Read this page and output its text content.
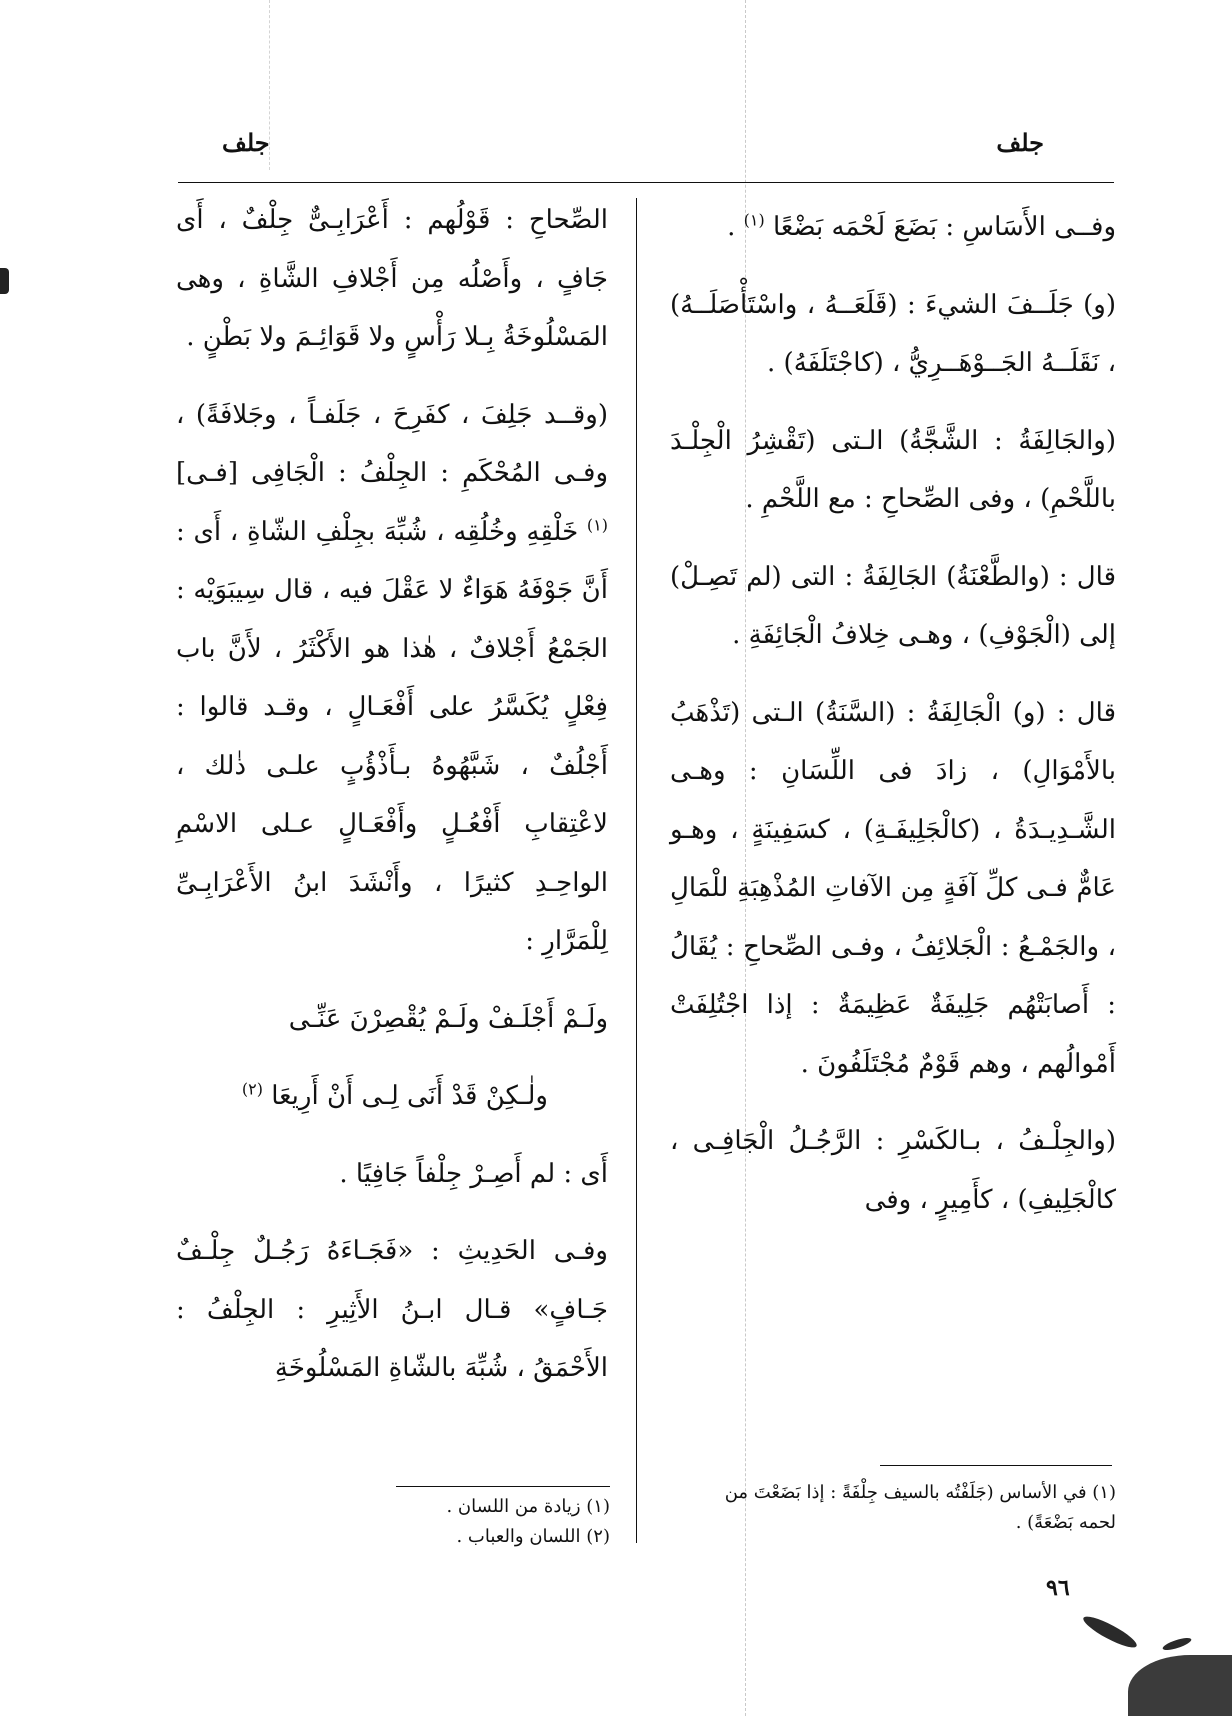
جلف
جلف

وفــى الأَسَاسِ : بَضَعَ لَحْمَه بَضْعًا $^{(١)}$ .

(و) جَلَــفَ الشيءَ : (قَلَعَــهُ ، واسْتَأْصَلَــهُ) ، نَقَلَــهُ الجَــوْهَــرِيُّ ، (كاجْتَلَفَهُ) .

(والجَالِفَةُ : الشَّجَّةُ) الـتى (تَقْشِرُ الْجِلْـدَ باللَّحْمِ) ، وفى الصِّحاحِ : مع اللَّحْمِ .

قال : (والطَّعْنَةُ) الجَالِفَةُ : التى (لم تَصِـلْ) إلى (الْجَوْفِ) ، وهـى خِلافُ الْجَائِفَةِ .

قال : (و) الْجَالِفَةُ : (السَّنَةُ) الـتى (تَذْهَبُ بالأَمْوَالِ) ، زادَ فى اللِّسَانِ : وهـى الشَّـدِيـدَةُ ، (كالْجَلِيفَـةِ) ، كسَفِينَةٍ ، وهـو عَامٌّ فـى كلِّ آفَةٍ مِن الآفاتِ المُذْهِبَةِ للْمَالِ ، والجَمْـعُ : الْجَلائِفُ ، وفـى الصِّحاحِ : يُقَالُ : أَصابَتْهُم جَلِيفَةٌ عَظِيمَةٌ : إذا اجْتُلِفَتْ أَمْوالُهم ، وهم قَوْمٌ مُجْتَلَفُونَ .

(والجِلْـفُ ، بـالكَسْرِ : الرَّجُـلُ الْجَافِـى ، كالْجَلِيفِ) ، كأَمِيرٍ ، وفى

الصِّحاحِ : قَوْلُهم : أَعْرَابِـىٌّ جِلْفٌ ، أَى جَافٍ ، وأَصْلُه مِن أَجْلافِ الشَّاةِ ، وهى المَسْلُوخَةُ بِـلا رَأْسٍ ولا قَوَائِـمَ ولا بَطْنٍ .

(وقــد جَلِفَ ، كفَرِحَ ، جَلَفـاً ، وجَلافَةً) ، وفـى المُحْكَمِ : الجِلْفُ : الْجَافِى [فـى] $^{(١)}$ خَلْقِهِ وخُلُقِه ، شُبِّهَ بجِلْفِ الشّاةِ ، أَى : أَنَّ جَوْفَهُ هَوَاءٌ لا عَقْلَ فيه ، قال سِيبَوَيْه : الجَمْعُ أَجْلافٌ ، هٰذا هو الأَكْثَرُ ، لأَنَّ باب فِعْلٍ يُكَسَّرُ على أَفْعَـالٍ ، وقـد قالوا : أَجْلُفٌ ، شَبَّهُوهُ بـأَذْؤُبٍ علـى ذٰلك ، لاعْتِقابِ أَفْعُـلٍ وأَفْعَـالٍ عـلى الاسْمِ الواحِـدِ كثيرًا ، وأَنْشَدَ ابنُ الأَعْرَابِـىِّ لِلْمَرَّارِ :

ولَـمْ أَجْلَـفْ ولَـمْ يُقْصِرْنَ عَنِّـى

ولٰـكِنْ قَدْ أَنَى لِـى أَنْ أَرِيعَا $^{(٢)}$

أَى : لم أَصِـرْ جِلْفاً جَافِيًا .

وفـى الحَدِيثِ : «فَجَـاءَهُ رَجُـلٌ جِلْـفٌ جَـافٍ» قـال ابـنُ الأَثِيرِ : الجِلْفُ : الأَحْمَقُ ، شُبِّهَ بالشّاةِ المَسْلُوخَةِ

(١) في الأساس (جَلَفْتُه بالسيف جِلْفَةً : إذا بَضَعْتَ من لحمه بَضْعَةً) .

(١) زيادة من اللسان .

(٢) اللسان والعباب .

٩٦
